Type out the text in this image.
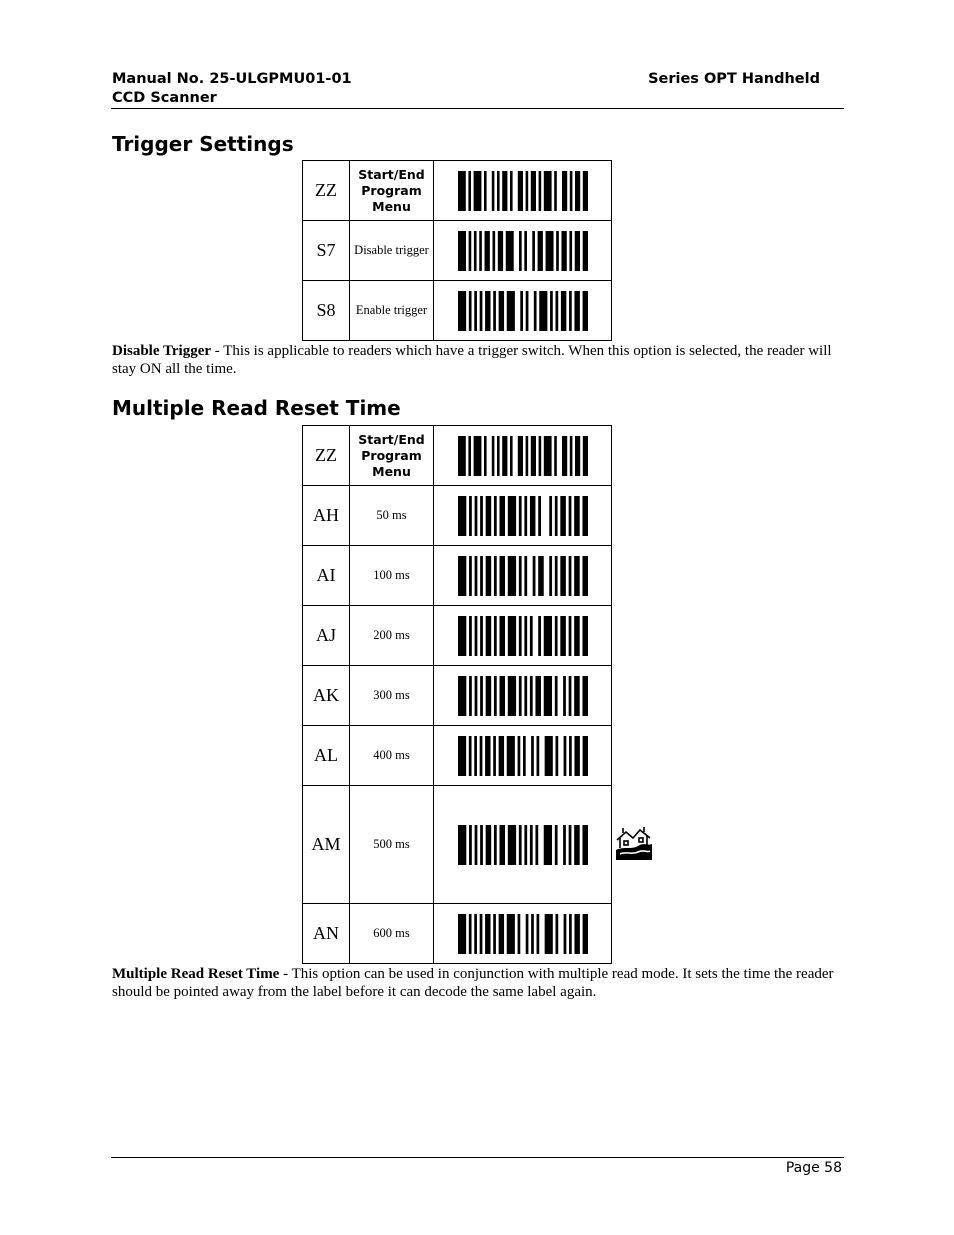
Manual No. 25-ULGPMU01-01	Series OPT Handheld
CCD Scanner
Trigger Settings
ZZ	Start/End Program Menu	

S7	Disable trigger	

S8	Enable trigger	

Disable Trigger - This is applicable to readers which have a trigger switch. When this option is selected, the reader will stay ON all the time.

Multiple Read Reset Time
ZZ	Start/End Program Menu	

AH	50 ms	

AI	100 ms	

AJ	200 ms	

AK	300 ms	

AL	400 ms	

AM	500 ms	

AN	600 ms	

Multiple Read Reset Time - This option can be used in conjunction with multiple read mode. It sets the time the reader should be pointed away from the label before it can decode the same label again.

Page 58
